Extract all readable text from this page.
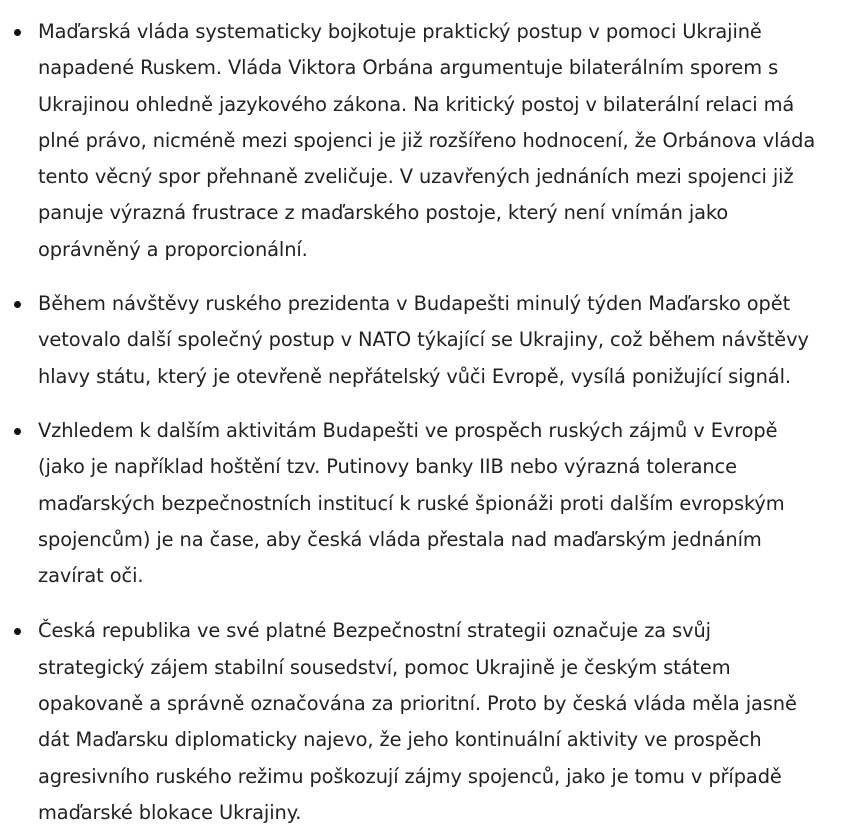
Maďarská vláda systematicky bojkotuje praktický postup v pomoci Ukrajině napadené Ruskem. Vláda Viktora Orbána argumentuje bilaterálním sporem s Ukrajinou ohledně jazykového zákona. Na kritický postoj v bilaterální relaci má plné právo, nicméně mezi spojenci je již rozšířeno hodnocení, že Orbánova vláda tento věcný spor přehnaně zveličuje. V uzavřených jednáních mezi spojenci již panuje výrazná frustrace z maďarského postoje, který není vnímán jako oprávněný a proporcionální.
Během návštěvy ruského prezidenta v Budapešti minulý týden Maďarsko opět vetovalo další společný postup v NATO týkající se Ukrajiny, což během návštěvy hlavy státu, který je otevřeně nepřátelský vůči Evropě, vysílá ponižující signál.
Vzhledem k dalším aktivitám Budapešti ve prospěch ruských zájmů v Evropě (jako je například hoštění tzv. Putinovy banky IIB nebo výrazná tolerance maďarských bezpečnostních institucí k ruské špionáži proti dalším evropským spojencům) je na čase, aby česká vláda přestala nad maďarským jednáním zavírat oči.
Česká republika ve své platné Bezpečnostní strategii označuje za svůj strategický zájem stabilní sousedství, pomoc Ukrajině je českým státem opakovaně a správně označována za prioritní. Proto by česká vláda měla jasně dát Maďarsku diplomaticky najevo, že jeho kontinuální aktivity ve prospěch agresivního ruského režimu poškozují zájmy spojenců, jako je tomu v případě maďarské blokace Ukrajiny.
